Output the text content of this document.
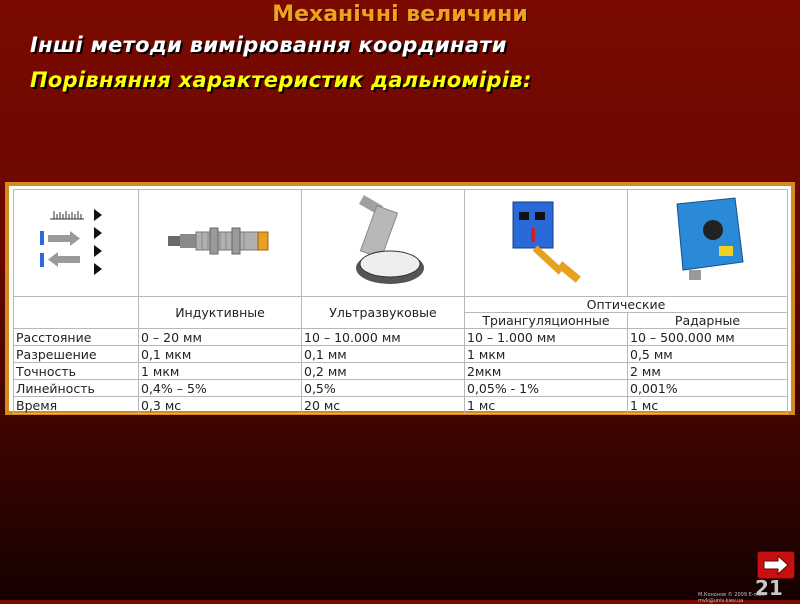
Механічні величини
Інші методи вимірювання координати
Порівняння характеристик дальномірів:

	Индуктивные	Ультразвуковые	Оптические	
			Триангуляционные	Радарные
Расстояние	0 – 20 мм	10 – 10.000 мм	10 – 1.000 мм	10 – 500.000 мм
Разрешение	0,1 мкм	0,1 мм	1 мкм	0,5 мм
Точность	1 мкм	0,2 мм	2мкм	2 мм
Линейность	0,4% – 5%	0,5%	0,05% - 1%	0,001%
Время	0,3 мс	20 мс	1 мс	1 мс
21
М.Кононов © 2009 E-mail: mvk@univ.kiev.ua
